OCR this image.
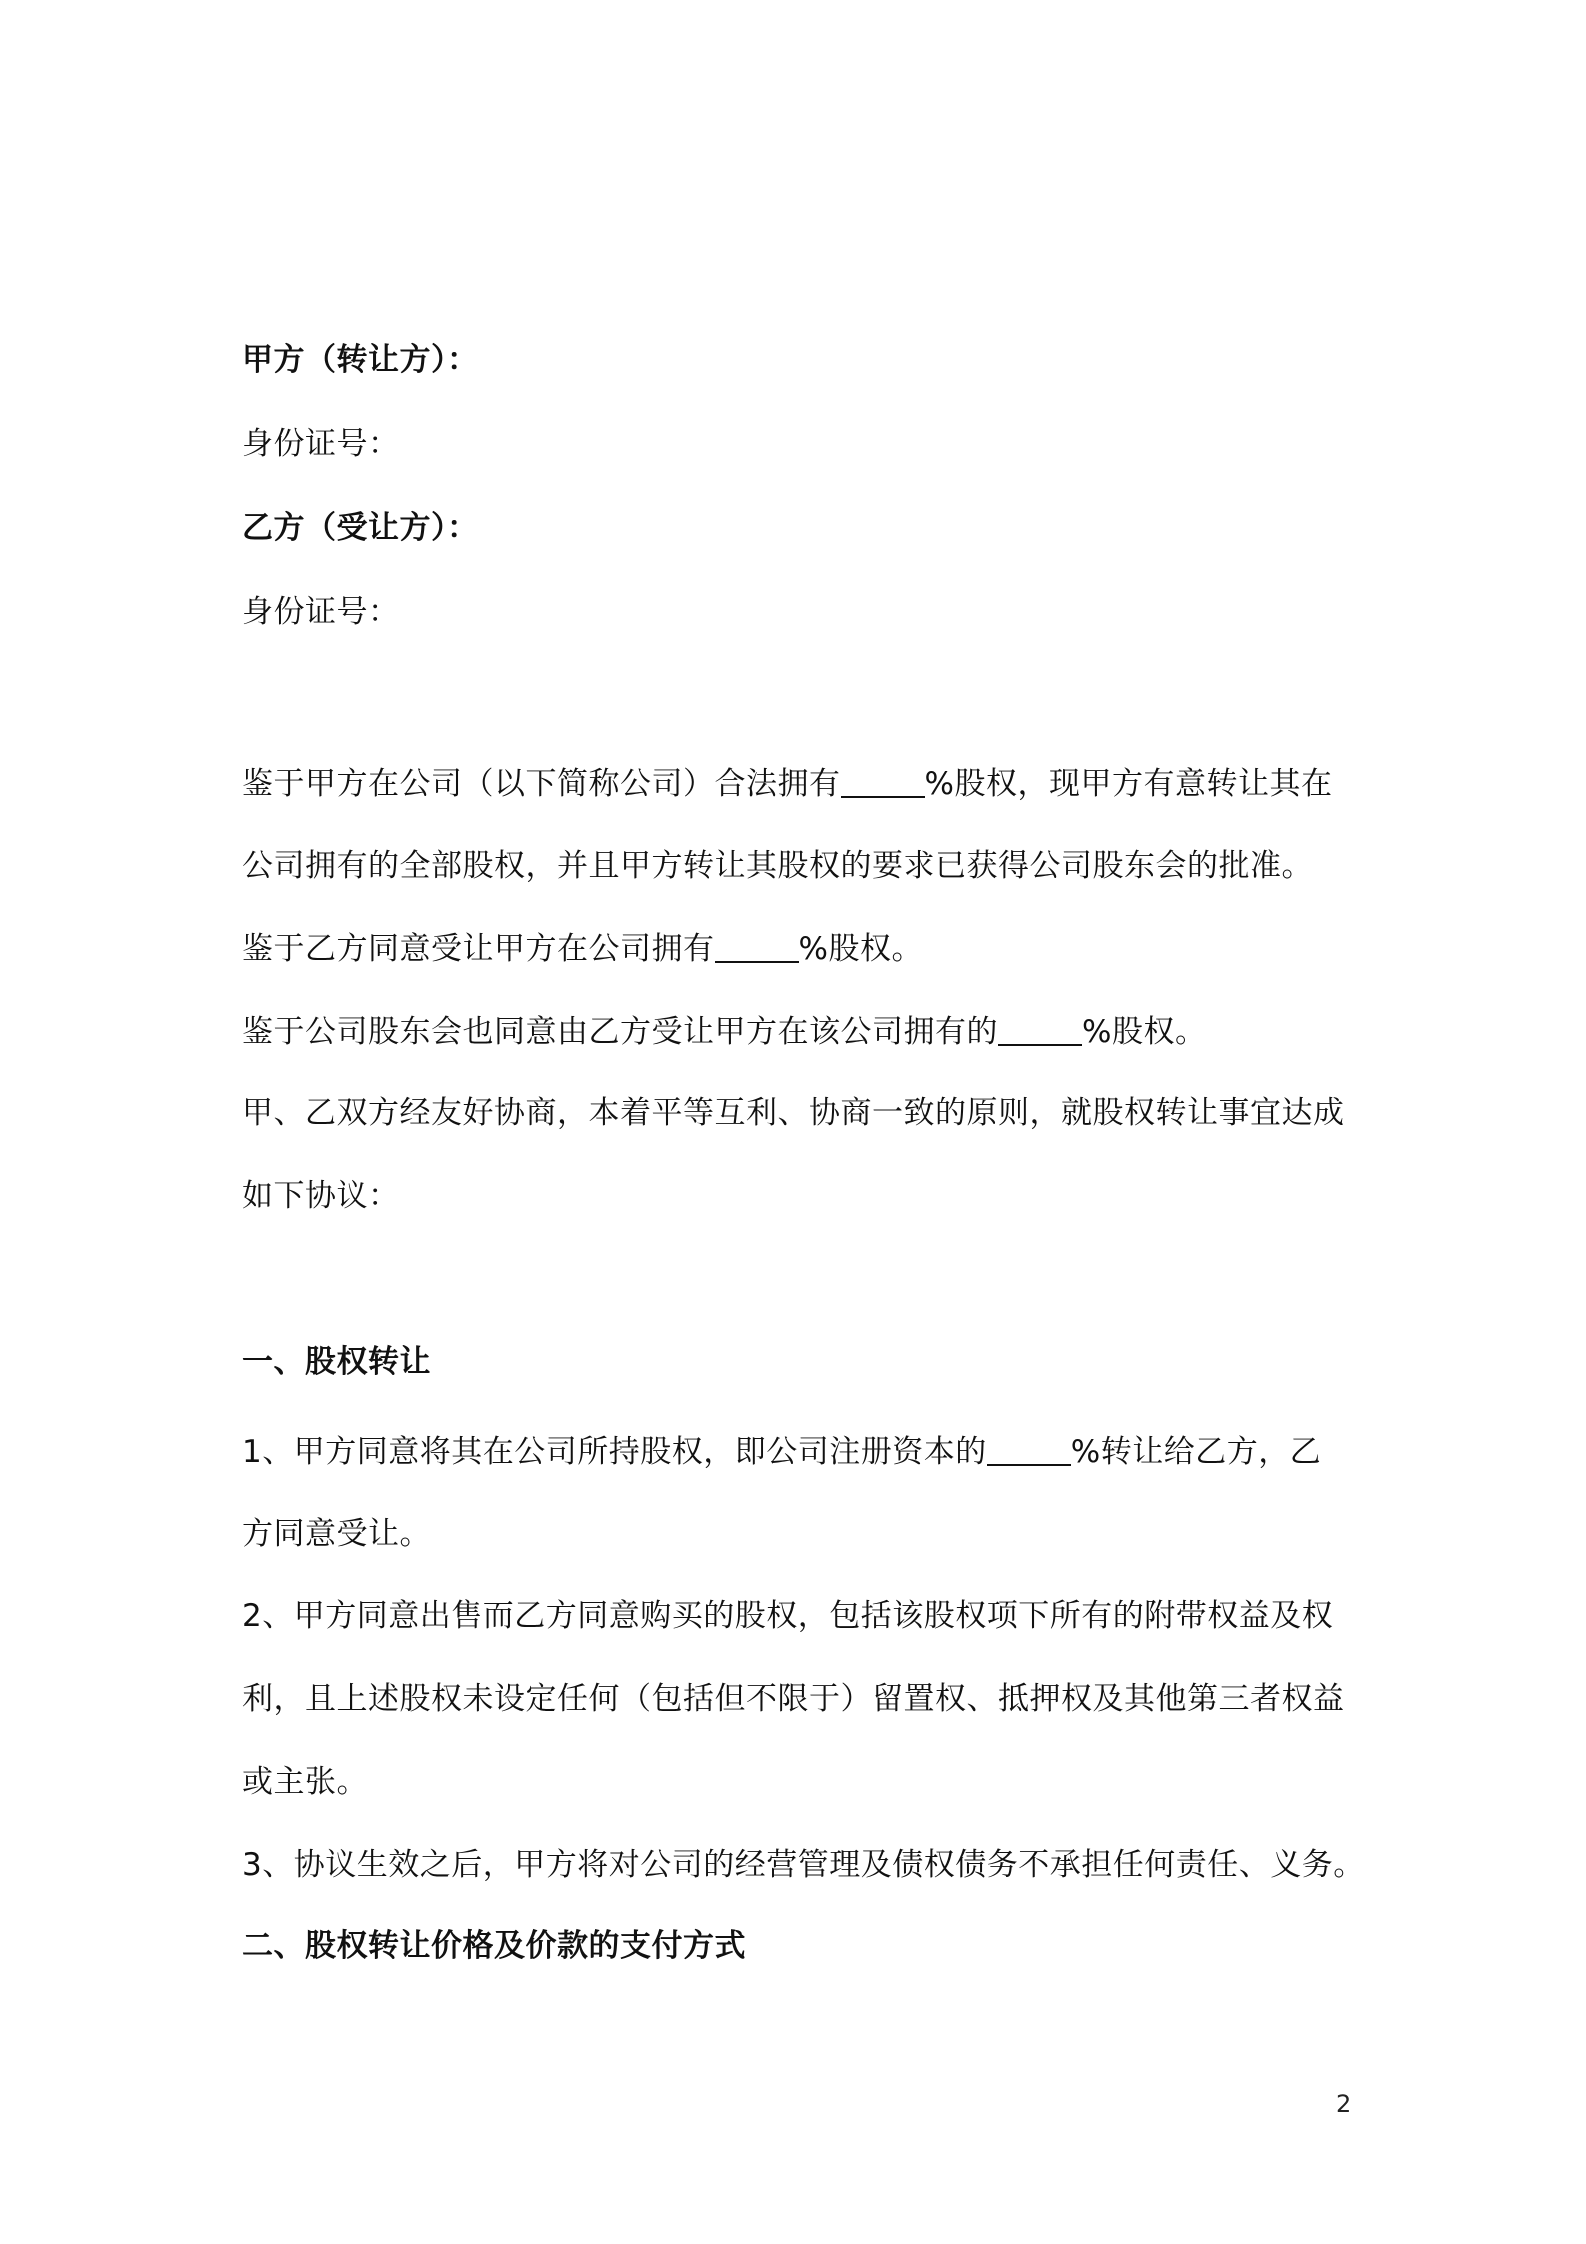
甲方（转让方）：
身份证号：
乙方（受让方）：
身份证号：
鉴于甲方在公司（以下简称公司）合法拥有	%股权，现甲方有意转让其在
公司拥有的全部股权，并且甲方转让其股权的要求已获得公司股东会的批准。
鉴于乙方同意受让甲方在公司拥有	%股权。
鉴于公司股东会也同意由乙方受让甲方在该公司拥有的	%股权。
甲、乙双方经友好协商，本着平等互利、协商一致的原则，就股权转让事宜达成
如下协议：
一、股权转让
1、甲方同意将其在公司所持股权，即公司注册资本的	%转让给乙方，乙
方同意受让。
2、甲方同意出售而乙方同意购买的股权，包括该股权项下所有的附带权益及权
利，且上述股权未设定任何（包括但不限于）留置权、抵押权及其他第三者权益
或主张。
3、协议生效之后，甲方将对公司的经营管理及债权债务不承担任何责任、义务。
二、股权转让价格及价款的支付方式
2
